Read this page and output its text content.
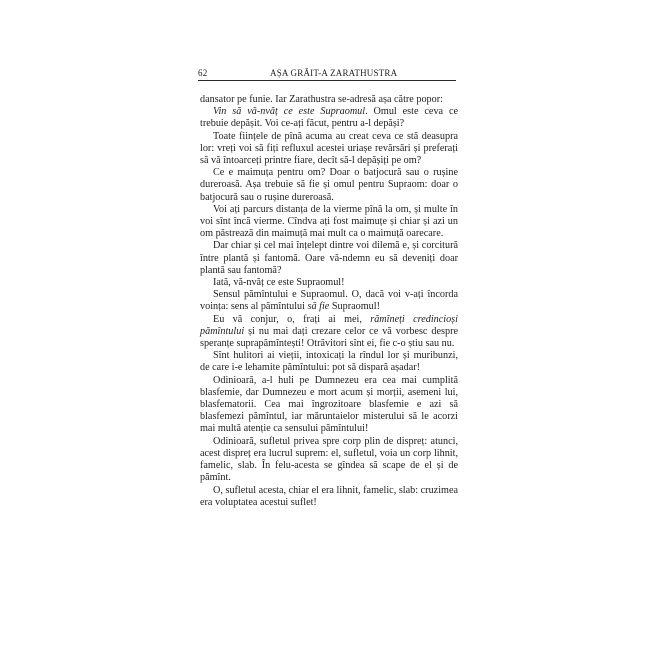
62	AȘA GRĂIT-A ZARATHUSTRA

dansator pe funie. Iar Zarathustra se-adresă așa către popor:

Vin să vă-nvăț ce este Supraomul. Omul este ceva ce trebuie depășit. Voi ce-ați făcut, pentru a-l depăși?

Toate ființele de pînă acuma au creat ceva ce stă deasupra lor: vreți voi să fiți refluxul acestei uriașe revărsări și preferați să vă întoarceți printre fiare, decît să-l depășiți pe om?

Ce e maimuța pentru om? Doar o batjocură sau o rușine dureroasă. Așa trebuie să fie și omul pentru Supraom: doar o batjocură sau o rușine dureroasă.

Voi ați parcurs distanța de la vierme pînă la om, și multe în voi sînt încă vierme. Cîndva ați fost maimuțe și chiar și azi un om păstrează din maimuță mai mult ca o maimuță oarecare.

Dar chiar și cel mai înțelept dintre voi dilemă e, și corcitură între plantă și fantomă. Oare vă-ndemn eu să deveniți doar plantă sau fantomă?

Iată, vă-nvăț ce este Supraomul!

Sensul pămîntului e Supraomul. O, dacă voi v-ați încorda voința: sens al pămîntului să fie Supraomul!

Eu vă conjur, o, frați ai mei, rămîneți credincioși pămîntului și nu mai dați crezare celor ce vă vorbesc despre speranțe suprapămîntești! Otrăvitori sînt ei, fie c-o știu sau nu.

Sînt hulitori ai vieții, intoxicați la rîndul lor și muribunzi, de care i-e lehamite pămîntului: pot să dispară așadar!

Odinioară, a-l huli pe Dumnezeu era cea mai cumplită blasfemie, dar Dumnezeu e mort acum și morții, asemeni lui, blasfematorii. Cea mai îngrozitoare blasfemie e azi să blasfemezi pămîntul, iar măruntaielor misterului să le acorzi mai multă atenție ca sensului pămîntului!

Odinioară, sufletul privea spre corp plin de dispreț: atunci, acest dispreț era lucrul suprem: el, sufletul, voia un corp lihnit, famelic, slab. În felu-acesta se gîndea să scape de el și de pămînt.

O, sufletul acesta, chiar el era lihnit, famelic, slab: cruzimea era voluptatea acestui suflet!
